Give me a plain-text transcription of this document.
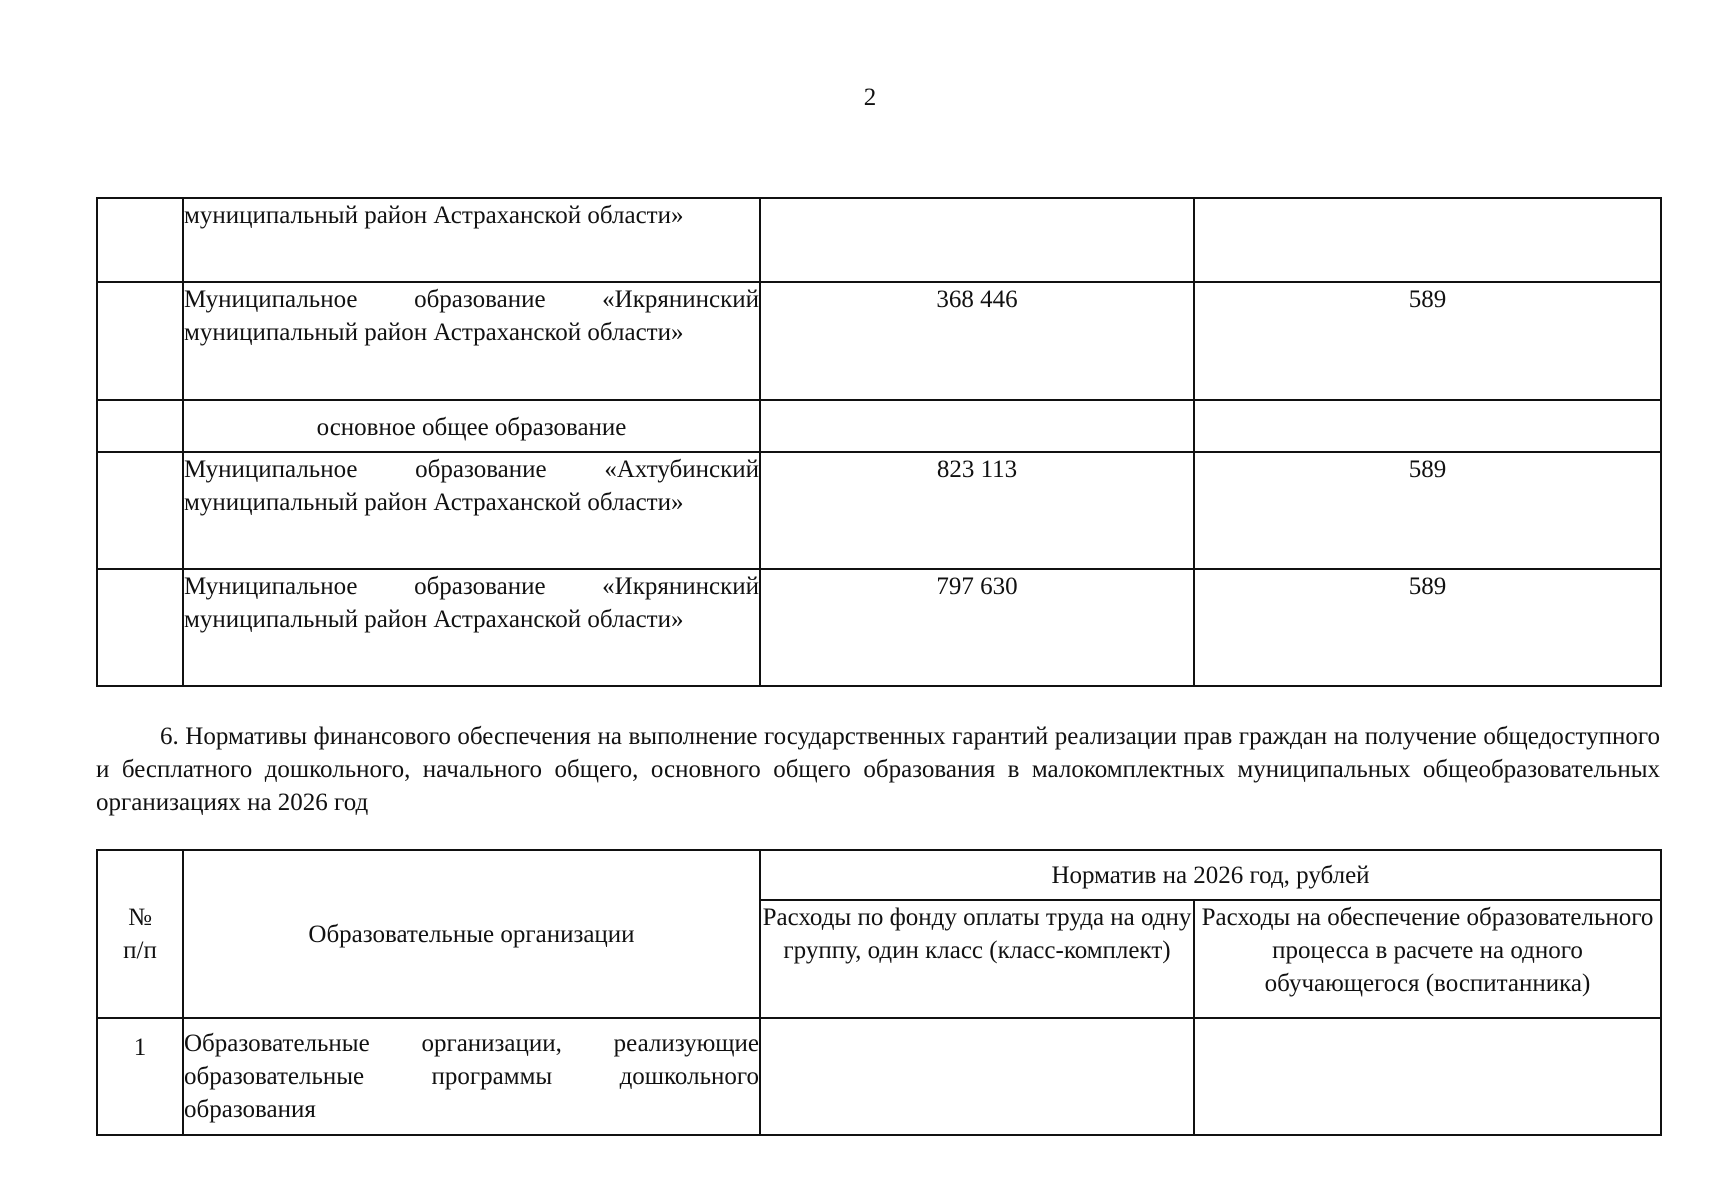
2
	муниципальный район Астраханской области»		
	Муниципальное образование «Икрянинский муниципальный район Астраханской области»	368 446	589
	основное общее образование		
	Муниципальное образование «Ахтубинский муниципальный район Астраханской области»	823 113	589
	Муниципальное образование «Икрянинский муниципальный район Астраханской области»	797 630	589

6. Нормативы финансового обеспечения на выполнение государственных гарантий реализации прав граждан на получение общедоступного и бесплатного дошкольного, начального общего, основного общего образования в малокомплектных муниципальных общеобразовательных организациях на 2026 год

№ п/п	Образовательные организации	Норматив на 2026 год, рублей	
		Расходы по фонду оплаты труда на одну группу, один класс (класс-комплект)	Расходы на обеспечение образовательного процесса в расчете на одного обучающегося (воспитанника)
1	Образовательные организации, реализующие образовательные программы дошкольного образования		
